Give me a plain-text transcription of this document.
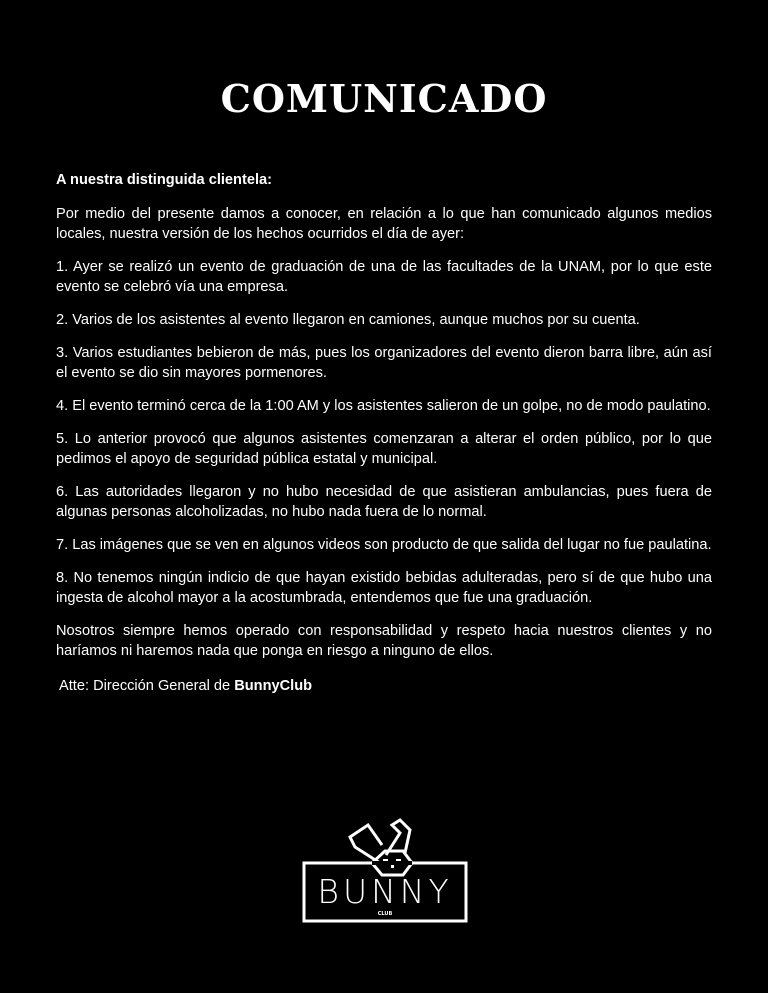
COMUNICADO

A nuestra distinguida clientela:

Por medio del presente damos a conocer, en relación a lo que han comunicado algunos medios locales, nuestra versión de los hechos ocurridos el día de ayer:

1. Ayer se realizó un evento de graduación de una de las facultades de la UNAM, por lo que este evento se celebró vía una empresa.

2. Varios de los asistentes al evento llegaron en camiones, aunque muchos por su cuenta.

3. Varios estudiantes bebieron de más, pues los organizadores del evento dieron barra libre, aún así el evento se dio sin mayores pormenores.

4. El evento terminó cerca de la 1:00 AM y los asistentes salieron de un golpe, no de modo paulatino.

5. Lo anterior provocó que algunos asistentes comenzaran a alterar el orden público, por lo que pedimos el apoyo de seguridad pública estatal y municipal.

6. Las autoridades llegaron y no hubo necesidad de que asistieran ambulancias, pues fuera de algunas personas alcoholizadas, no hubo nada fuera de lo normal.

7. Las imágenes que se ven en algunos videos son producto de que salida del lugar no fue paulatina.

8. No tenemos ningún indicio de que hayan existido bebidas adulteradas, pero sí de que hubo una ingesta de alcohol mayor a la acostumbrada, entendemos que fue una graduación.

Nosotros siempre hemos operado con responsabilidad y respeto hacia nuestros clientes y no haríamos ni haremos nada que ponga en riesgo a ninguno de ellos.

Atte: Dirección General de BunnyClub

BUNNY
CLUB
